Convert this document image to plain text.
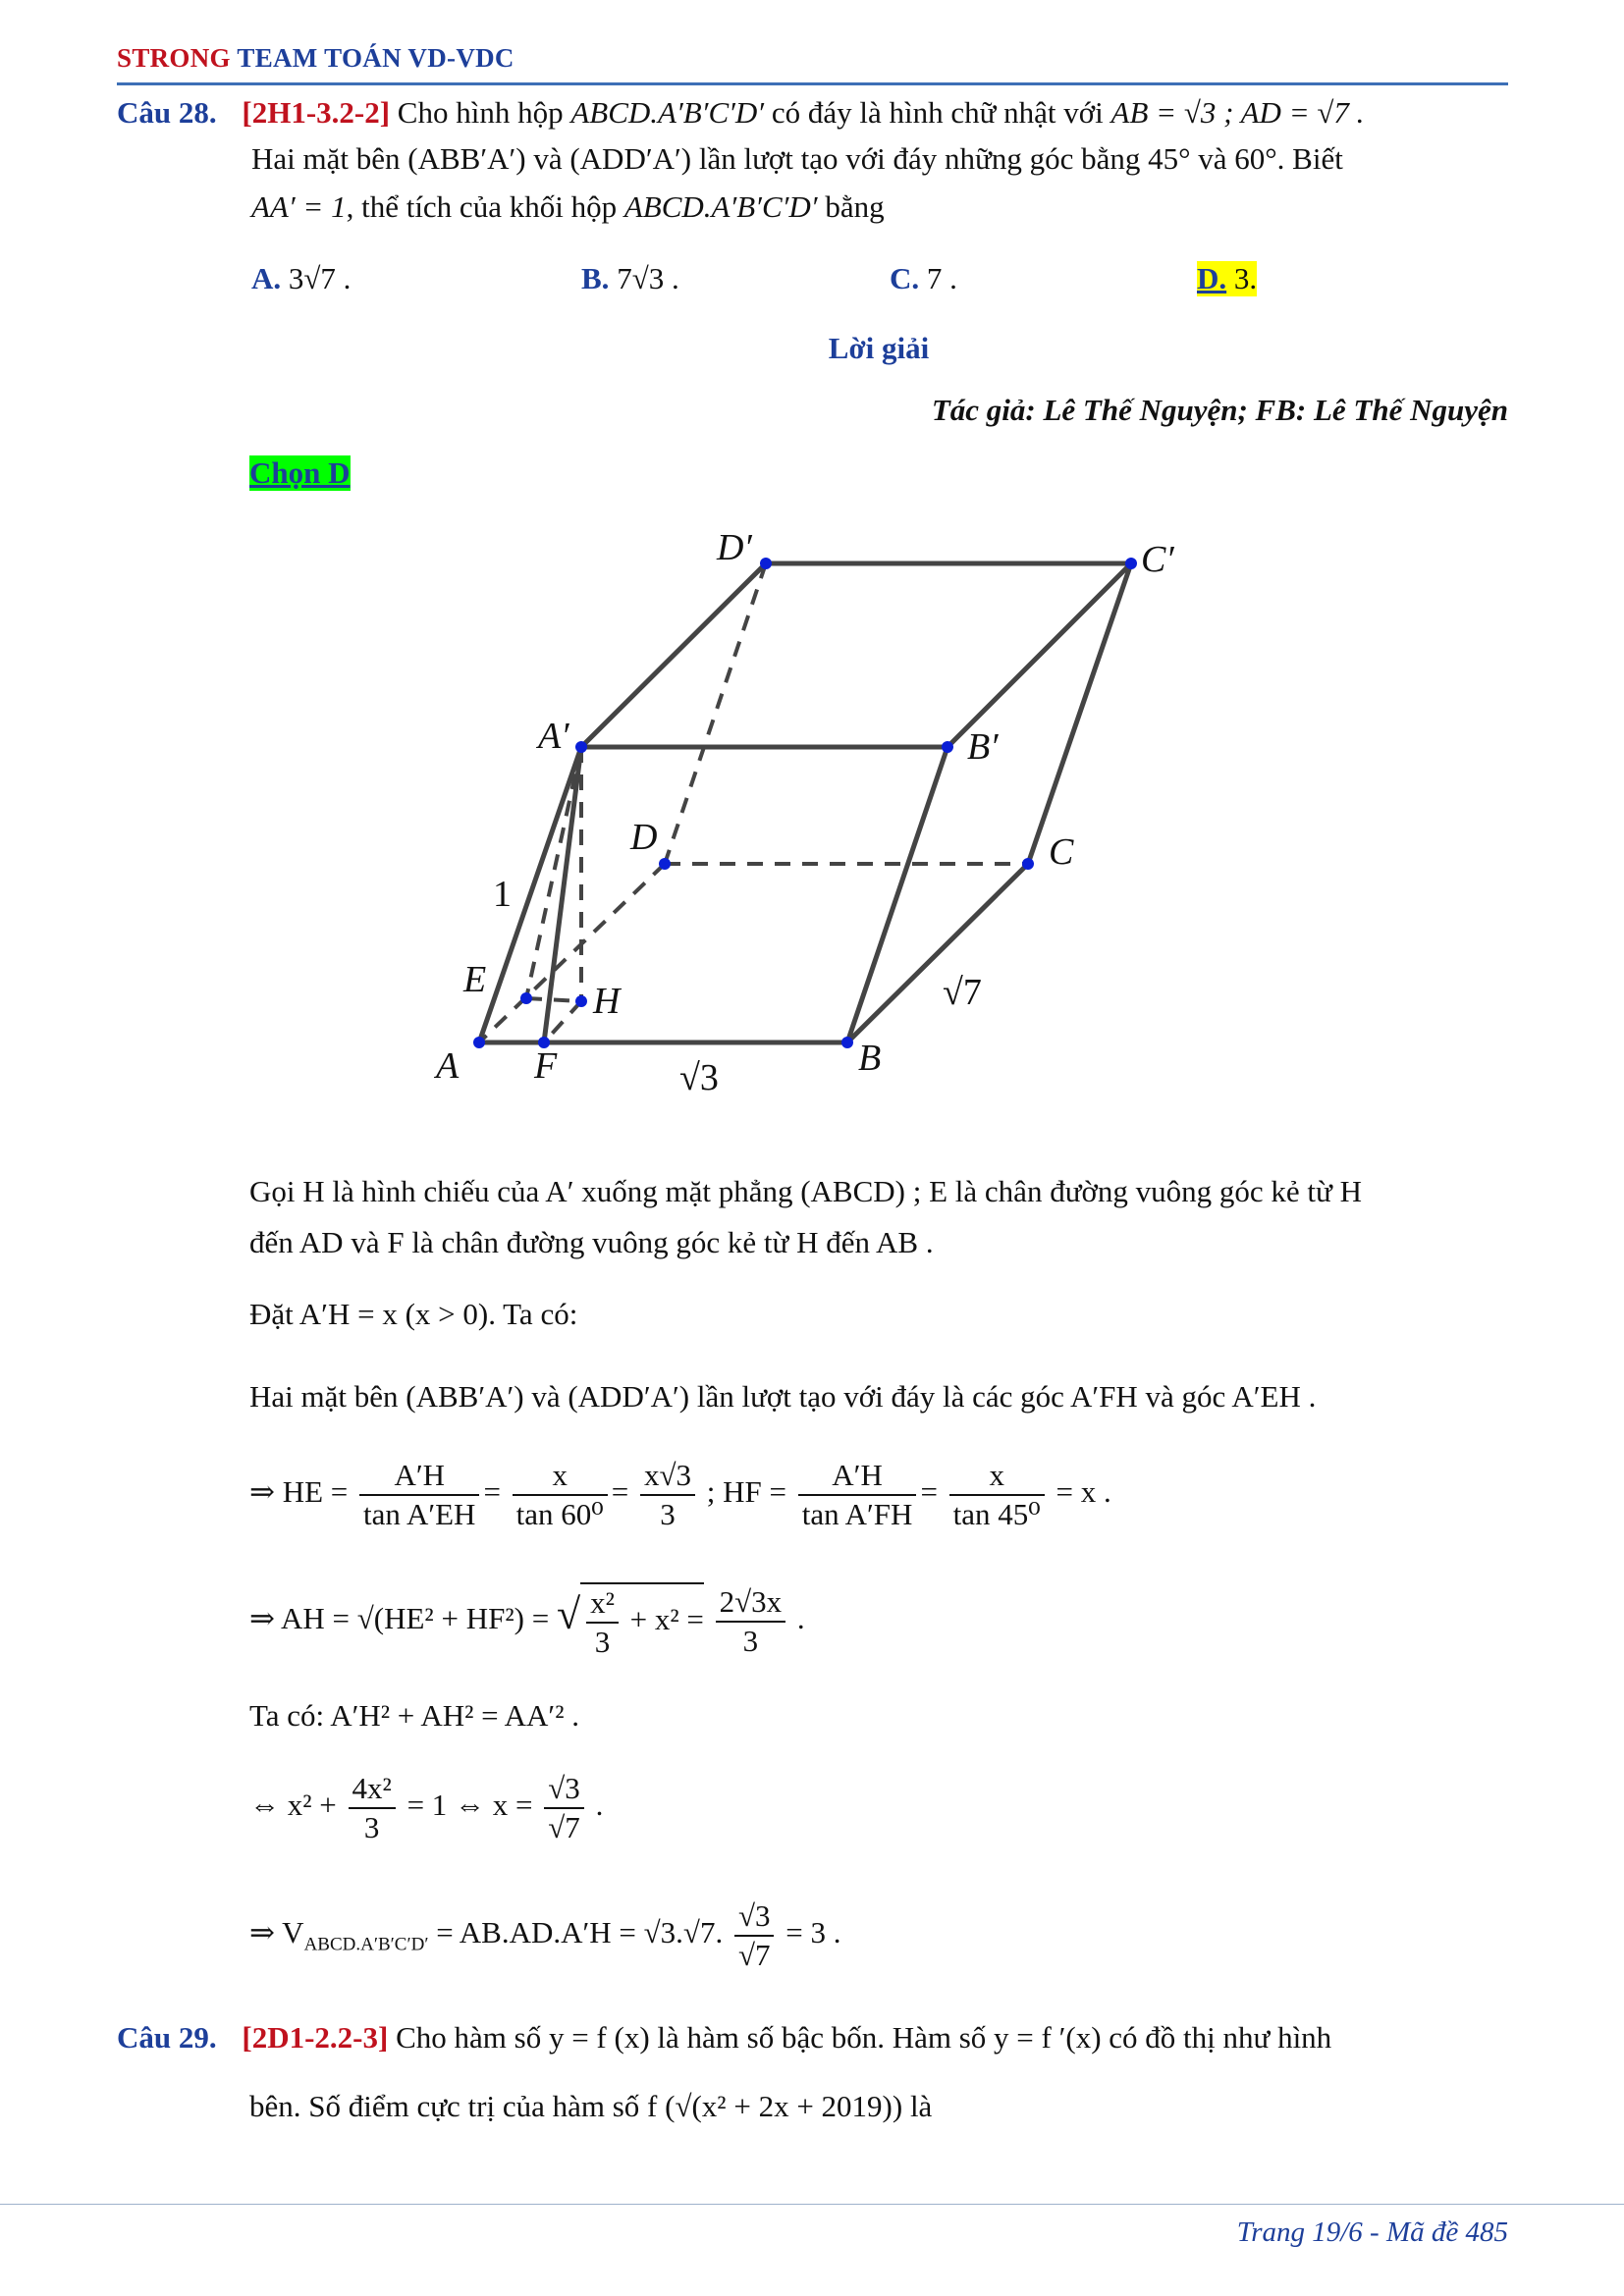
STRONG TEAM TOÁN VD-VDC
Câu 28. [2H1-3.2-2] Cho hình hộp ABCD.A′B′C′D′ có đáy là hình chữ nhật với AB = √3 ; AD = √7 .
Hai mặt bên (ABB′A′) và (ADD′A′) lần lượt tạo với đáy những góc bằng 45° và 60°. Biết
AA′ = 1, thể tích của khối hộp ABCD.A′B′C′D′ bằng
A. 3√7 .	B. 7√3 .	C. 7 .	D. 3.
Lời giải
Tác giả: Lê Thế Nguyện; FB: Lê Thế Nguyện
Chọn D
D′	C′
A′	B′
D	C
A	B
E
F
H
1
√7
√3
Gọi H là hình chiếu của A′ xuống mặt phẳng (ABCD) ; E là chân đường vuông góc kẻ từ H
đến AD và F là chân đường vuông góc kẻ từ H đến AB .
Đặt A′H = x (x > 0). Ta có:
Hai mặt bên (ABB′A′) và (ADD′A′) lần lượt tạo với đáy là các góc A′FH và góc A′EH .
⇒ HE = $\frac{A'H}{\text{tan A′EH}} = \frac{x}{\text{tan 60⁰}} = \frac{x√3}{3}$ ; HF = $\frac{A'H}{\text{tan A′FH}} = \frac{x}{\text{tan 45⁰}} = x$ .
⇒ AH = √(HE² + HF²) = √ $\frac{\text{x²}}{3} + x^2 = \frac{2√3x}{3}$ .
Ta có: A′H² + AH² = AA′² .
⇔ $x^2 + \frac{\text{4x²}}{3} = 1$ ⇔ $x = \frac{√3}{√7}$ .
⇒ $V_{ABCD.A'B'C'D'} = AB.AD.A'H = √3.√7$. $\frac{√3}{√7} = 3$ .
Câu 29. [2D1-2.2-3] Cho hàm số y = f (x) là hàm số bậc bốn. Hàm số y = f ′(x) có đồ thị như hình
bên. Số điểm cực trị của hàm số f (√(x² + 2x + 2019)) là
Trang 19/6 - Mã đề 485
